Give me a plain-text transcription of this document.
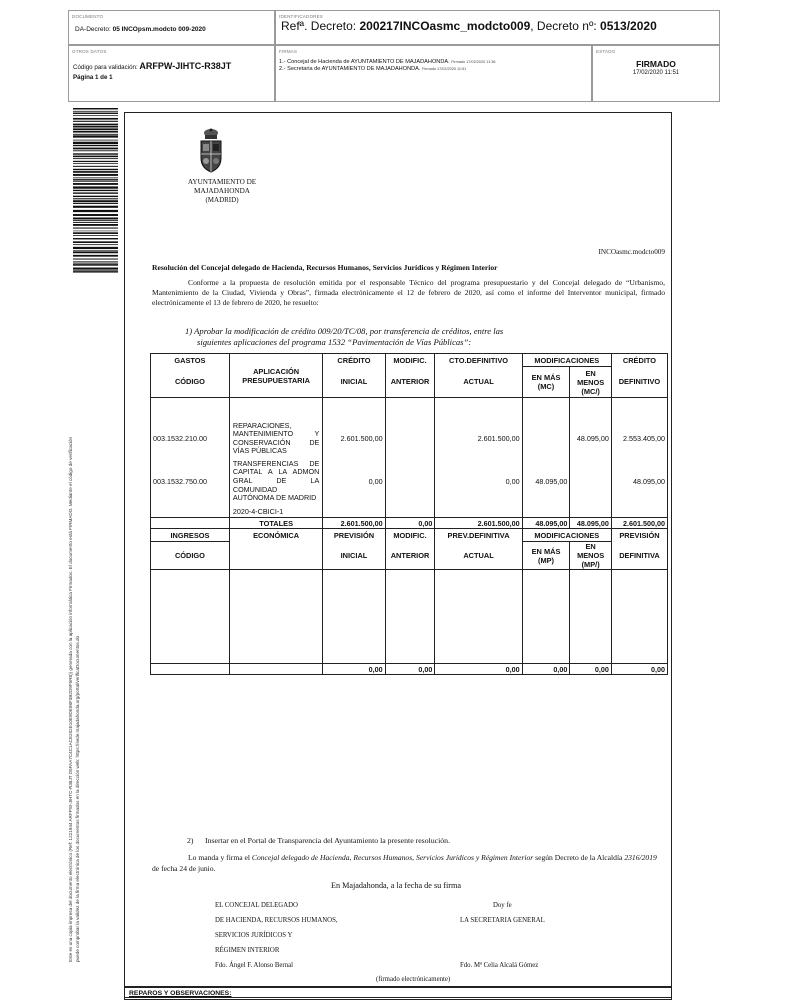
DOCUMENTO
DA-Decreto: 05 INCOpsm.modcto 009-2020
IDENTIFICADORES
Refª. Decreto: 200217INCOasmc_modcto009, Decreto nº: 0513/2020
OTROS DATOS
Código para validación: ARFPW-JIHTC-R38JT
Página 1 de 1
FIRMAS
1.- Concejal de Hacienda de AYUNTAMIENTO DE MAJADAHONDA. Firmado 17/02/2020 11:36
2.- Secretaria de AYUNTAMIENTO DE MAJADAHONDA. Firmado 17/02/2020 11:51
ESTADO
FIRMADO
17/02/2020 11:51
Este es una copia impresa del documento electrónico (Ref: 1221944 ARFPW-JIHTC-R38JT D5FAA7C4C1ACE202E10E9DE98F3B2D9F5R8)) generada con la aplicación informática Firmadoc. El documento está FIRMADO. Mediante el código de verificación puede comprobar la validez de la firma electrónica de los documentos firmados en la dirección web: https://sede.majadahonda.org/portal/verificaDocumentos.do
AYUNTAMIENTO DE
MAJADAHONDA
(MADRID)
INCOasmc.modcto009
Resolución del Concejal delegado de Hacienda, Recursos Humanos, Servicios Jurídicos y Régimen Interior
Conforme a la propuesta de resolución emitida por el responsable Técnico del programa presupuestario y del Concejal delegado de “Urbanismo, Mantenimiento de la Ciudad, Vivienda y Obras”, firmada electrónicamente el 12 de febrero de 2020, así como el informe del Interventor municipal, firmado electrónicamente el 13 de febrero de 2020, he resuelto:
1) Aprobar la modificación de crédito 009/20/TC/08, por transferencia de créditos, entre las
siguientes aplicaciones del programa 1532 “Pavimentación de Vías Públicas”:
GASTOS	APLICACIÓN PRESUPUESTARIA	CRÉDITO	MODIFIC.	CTO.DEFINITIVO	MODIFICACIONES		CRÉDITO
CÓDIGO		INICIAL	ANTERIOR	ACTUAL	EN MÁS (MC)	EN MENOS (MC/)	DEFINITIVO

003.1532.210.00	REPARACIONES, MANTENIMIENTO Y CONSERVACIÓN DE VÍAS PÚBLICAS	2.601.500,00		2.601.500,00		48.095,00	2.553.405,00
003.1532.750.00	TRANSFERENCIAS DE CAPITAL A LA ADMON GRAL DE LA COMUNIDAD AUTÓNOMA DE MADRID	0,00		0,00	48.095,00		48.095,00
	2020-4-CBICI-1						
	TOTALES	2.601.500,00	0,00	2.601.500,00	48.095,00	48.095,00	2.601.500,00
INGRESOS	ECONÓMICA	PREVISIÓN	MODIFIC.	PREV.DEFINITIVA	MODIFICACIONES		PREVISIÓN
CÓDIGO		INICIAL	ANTERIOR	ACTUAL	EN MÁS (MP)	EN MENOS (MP/)	DEFINITIVA

		0,00	0,00	0,00	0,00	0,00	0,00
2) Insertar en el Portal de Transparencia del Ayuntamiento la presente resolución.
Lo manda y firma el Concejal delegado de Hacienda, Recursos Humanos, Servicios Jurídicos y Régimen Interior según Decreto de la Alcaldía 2316/2019 de fecha 24 de junio.
En Majadahonda, a la fecha de su firma
EL CONCEJAL DELEGADO
DE HACIENDA, RECURSOS HUMANOS,
SERVICIOS JURÍDICOS Y
RÉGIMEN INTERIOR
Fdo. Ángel F. Alonso Bernal
Doy fe
LA SECRETARIA GENERAL
Fdo. Mª Celia Alcalá Gómez
(firmado electrónicamente)
REPAROS Y OBSERVACIONES:
